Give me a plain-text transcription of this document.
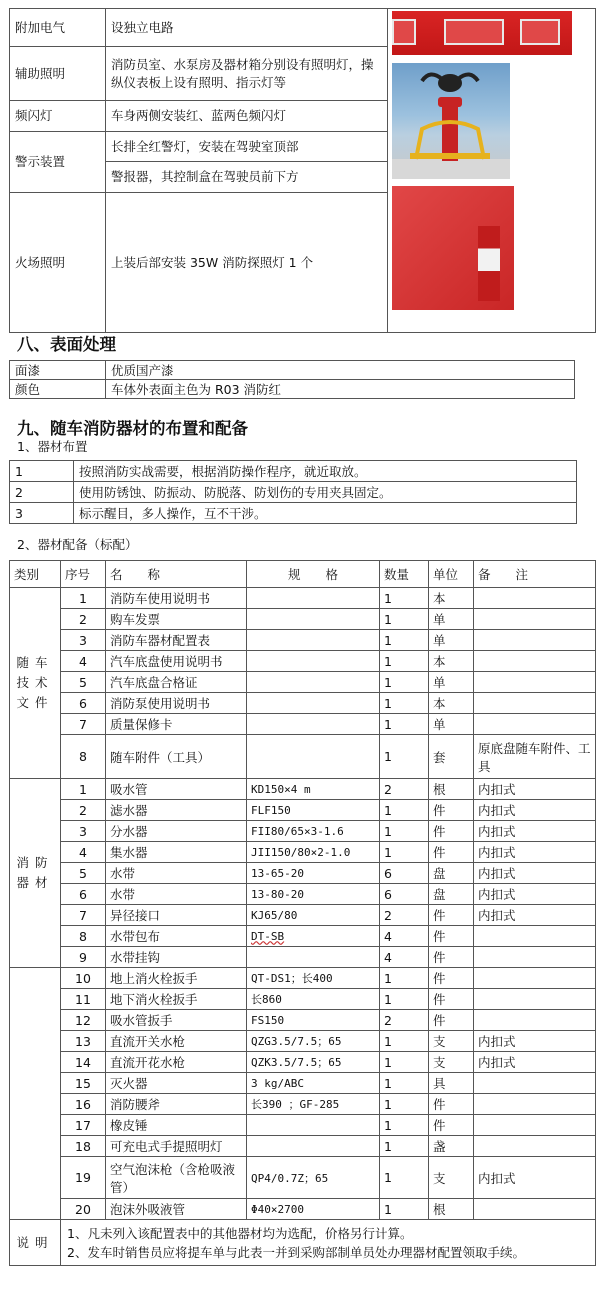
附加电气	设独立电路	

辅助照明	消防员室、水泵房及器材箱分别设有照明灯，操纵仪表板上设有照明、指示灯等	
频闪灯	车身两侧安装红、蓝两色频闪灯	
警示装置	长排全红警灯，安装在驾驶室顶部	
	警报器，其控制盒在驾驶员前下方	
火场照明	上装后部安装 35W 消防探照灯 1 个	
八、表面处理
面漆	优质国产漆
颜色	车体外表面主色为 R03 消防红
九、随车消防器材的布置和配备
1、器材布置
1	按照消防实战需要，根据消防操作程序，就近取放。
2	使用防锈蚀、防振动、防脱落、防划伤的专用夹具固定。
3	标示醒目，多人操作，互不干涉。
2、器材配备（标配）
类别	序号	名　　称	规　　格	数量	单位	备　　注
随车技术文件	1	消防车使用说明书		1	本	
	2	购车发票		1	单	
	3	消防车器材配置表		1	单	
	4	汽车底盘使用说明书		1	本	
	5	汽车底盘合格证		1	单	
	6	消防泵使用说明书		1	本	
	7	质量保修卡		1	单	
	8	随车附件（工具）		1	套	原底盘随车附件、工具
消防器材	1	吸水管	KD150×4 m	2	根	内扣式
	2	滤水器	FLF150	1	件	内扣式
	3	分水器	FII80/65×3-1.6	1	件	内扣式
	4	集水器	JII150/80×2-1.0	1	件	内扣式
	5	水带	13-65-20	6	盘	内扣式
	6	水带	13-80-20	6	盘	内扣式
	7	异径接口	KJ65/80	2	件	内扣式
	8	水带包布	DT-SB	4	件	
	9	水带挂钩		4	件	
	10	地上消火栓扳手	QT-DS1；长400	1	件	
	11	地下消火栓扳手	长860	1	件	
	12	吸水管扳手	FS150	2	件	
	13	直流开关水枪	QZG3.5/7.5；65	1	支	内扣式
	14	直流开花水枪	QZK3.5/7.5；65	1	支	内扣式
	15	灭火器	3 kg/ABC	1	具	
	16	消防腰斧	长390 ；GF-285	1	件	
	17	橡皮锤		1	件	
	18	可充电式手提照明灯		1	盏	
	19	空气泡沫枪（含枪吸液管）	QP4/0.7Z；65	1	支	内扣式
	20	泡沫外吸液管	Φ40×2700	1	根	
说明	1、凡未列入该配置表中的其他器材均为选配，价格另行计算。
2、发车时销售员应将提车单与此表一并到采购部制单员处办理器材配置领取手续。					
